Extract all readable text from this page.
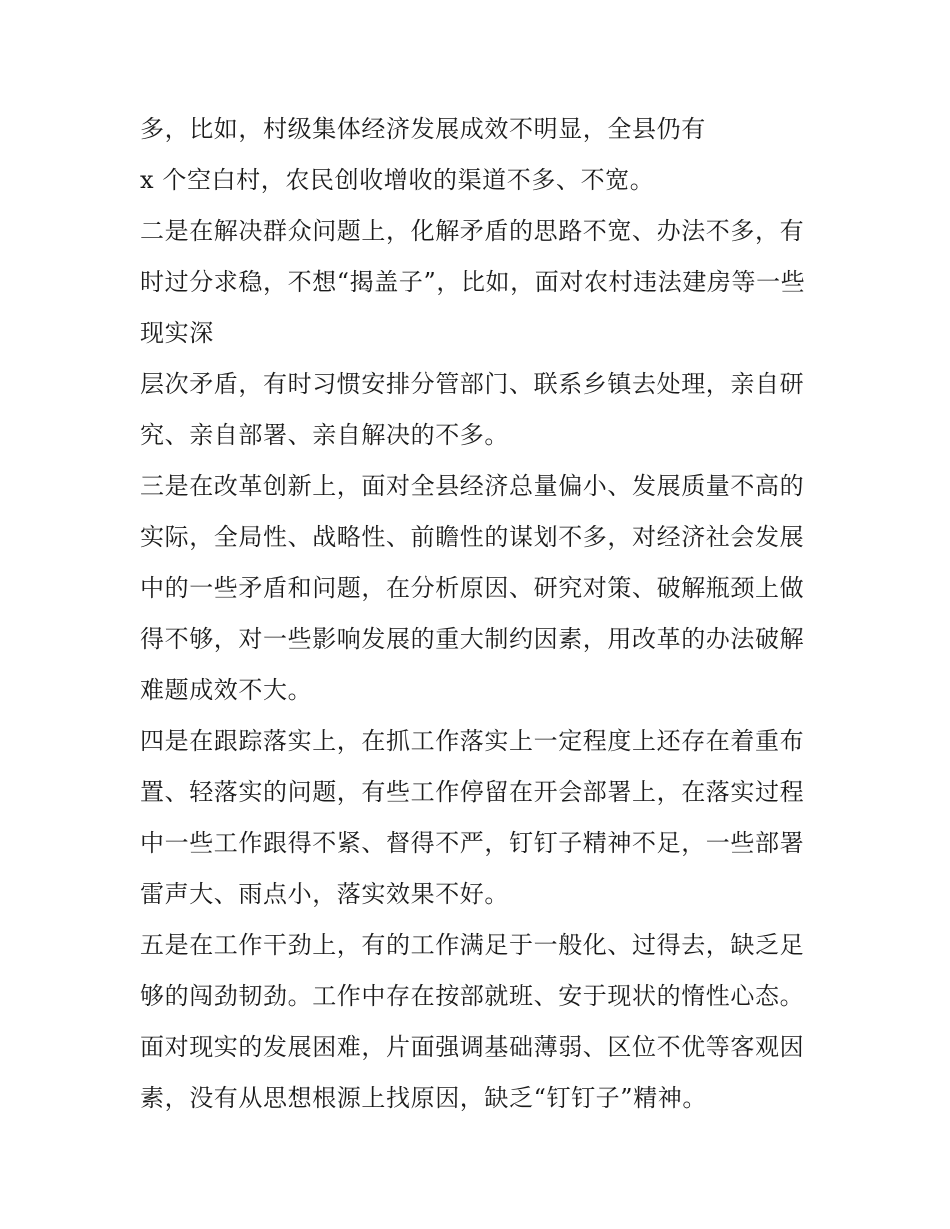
多，比如，村级集体经济发展成效不明显，全县仍有
x 个空白村，农民创收增收的渠道不多、不宽。
二是在解决群众问题上，化解矛盾的思路不宽、办法不多，有
时过分求稳，不想“揭盖子”，比如，面对农村违法建房等一些
现实深
层次矛盾，有时习惯安排分管部门、联系乡镇去处理，亲自研
究、亲自部署、亲自解决的不多。
三是在改革创新上，面对全县经济总量偏小、发展质量不高的
实际，全局性、战略性、前瞻性的谋划不多，对经济社会发展
中的一些矛盾和问题，在分析原因、研究对策、破解瓶颈上做
得不够，对一些影响发展的重大制约因素，用改革的办法破解
难题成效不大。
四是在跟踪落实上，在抓工作落实上一定程度上还存在着重布
置、轻落实的问题，有些工作停留在开会部署上，在落实过程
中一些工作跟得不紧、督得不严，钉钉子精神不足，一些部署
雷声大、雨点小，落实效果不好。
五是在工作干劲上，有的工作满足于一般化、过得去，缺乏足
够的闯劲韧劲。工作中存在按部就班、安于现状的惰性心态。
面对现实的发展困难，片面强调基础薄弱、区位不优等客观因
素，没有从思想根源上找原因，缺乏“钉钉子”精神。
